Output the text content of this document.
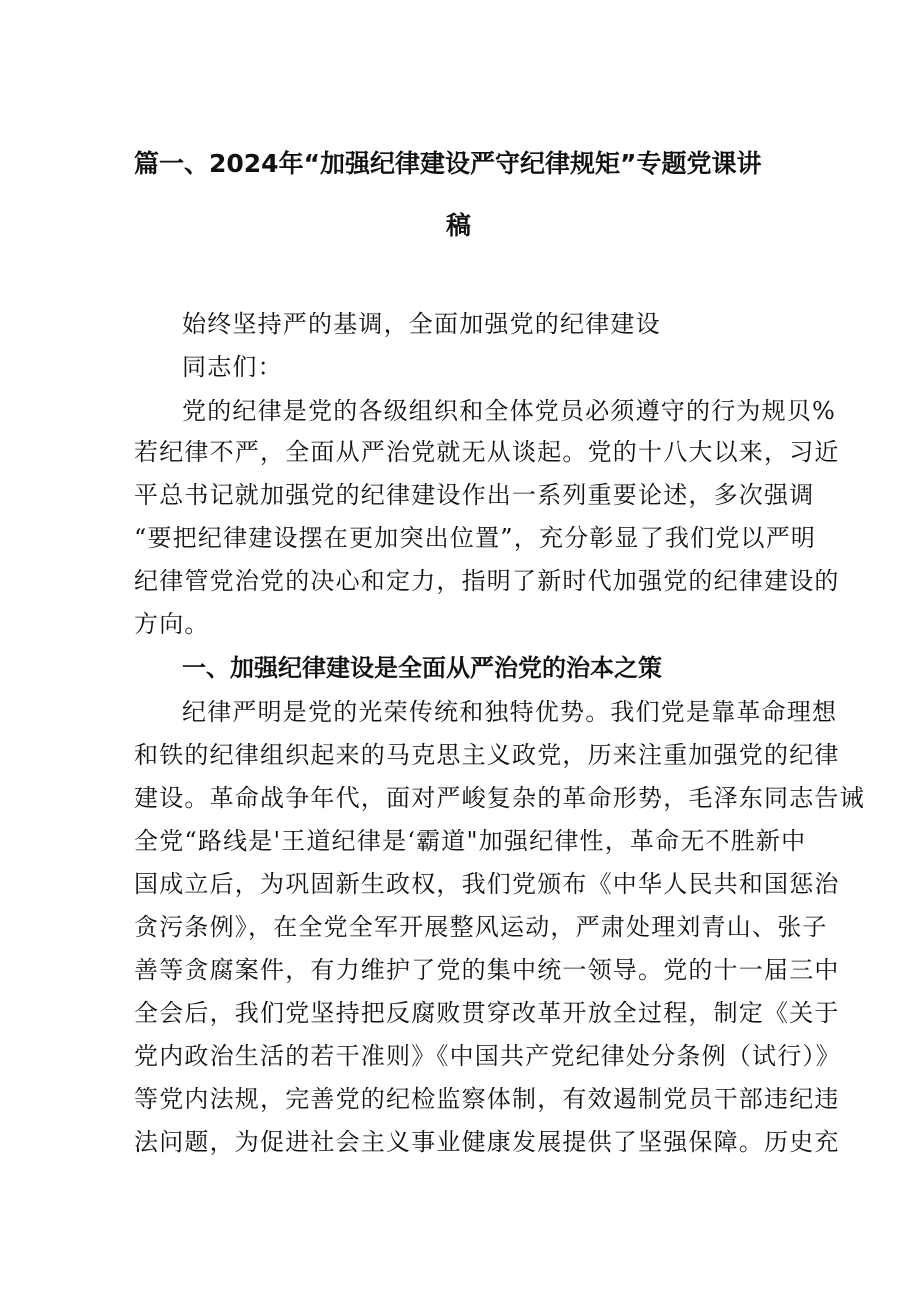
篇一、2024年“加强纪律建设严守纪律规矩”专题党课讲
稿
始终坚持严的基调，全面加强党的纪律建设
同志们：
党的纪律是党的各级组织和全体党员必须遵守的行为规贝%
若纪律不严，全面从严治党就无从谈起。党的十八大以来，习近
平总书记就加强党的纪律建设作出一系列重要论述，多次强调
“要把纪律建设摆在更加突出位置”，充分彰显了我们党以严明
纪律管党治党的决心和定力，指明了新时代加强党的纪律建设的
方向。
一、加强纪律建设是全面从严治党的治本之策
纪律严明是党的光荣传统和独特优势。我们党是靠革命理想
和铁的纪律组织起来的马克思主义政党，历来注重加强党的纪律
建设。革命战争年代，面对严峻复杂的革命形势，毛泽东同志告诫
全党“路线是'王道纪律是‘霸道"加强纪律性，革命无不胜新中
国成立后，为巩固新生政权，我们党颁布《中华人民共和国惩治
贪污条例》，在全党全军开展整风运动，严肃处理刘青山、张子
善等贪腐案件，有力维护了党的集中统一领导。党的十一届三中
全会后，我们党坚持把反腐败贯穿改革开放全过程，制定《关于
党内政治生活的若干准则》《中国共产党纪律处分条例（试行）》
等党内法规，完善党的纪检监察体制，有效遏制党员干部违纪违
法问题，为促进社会主义事业健康发展提供了坚强保障。历史充
